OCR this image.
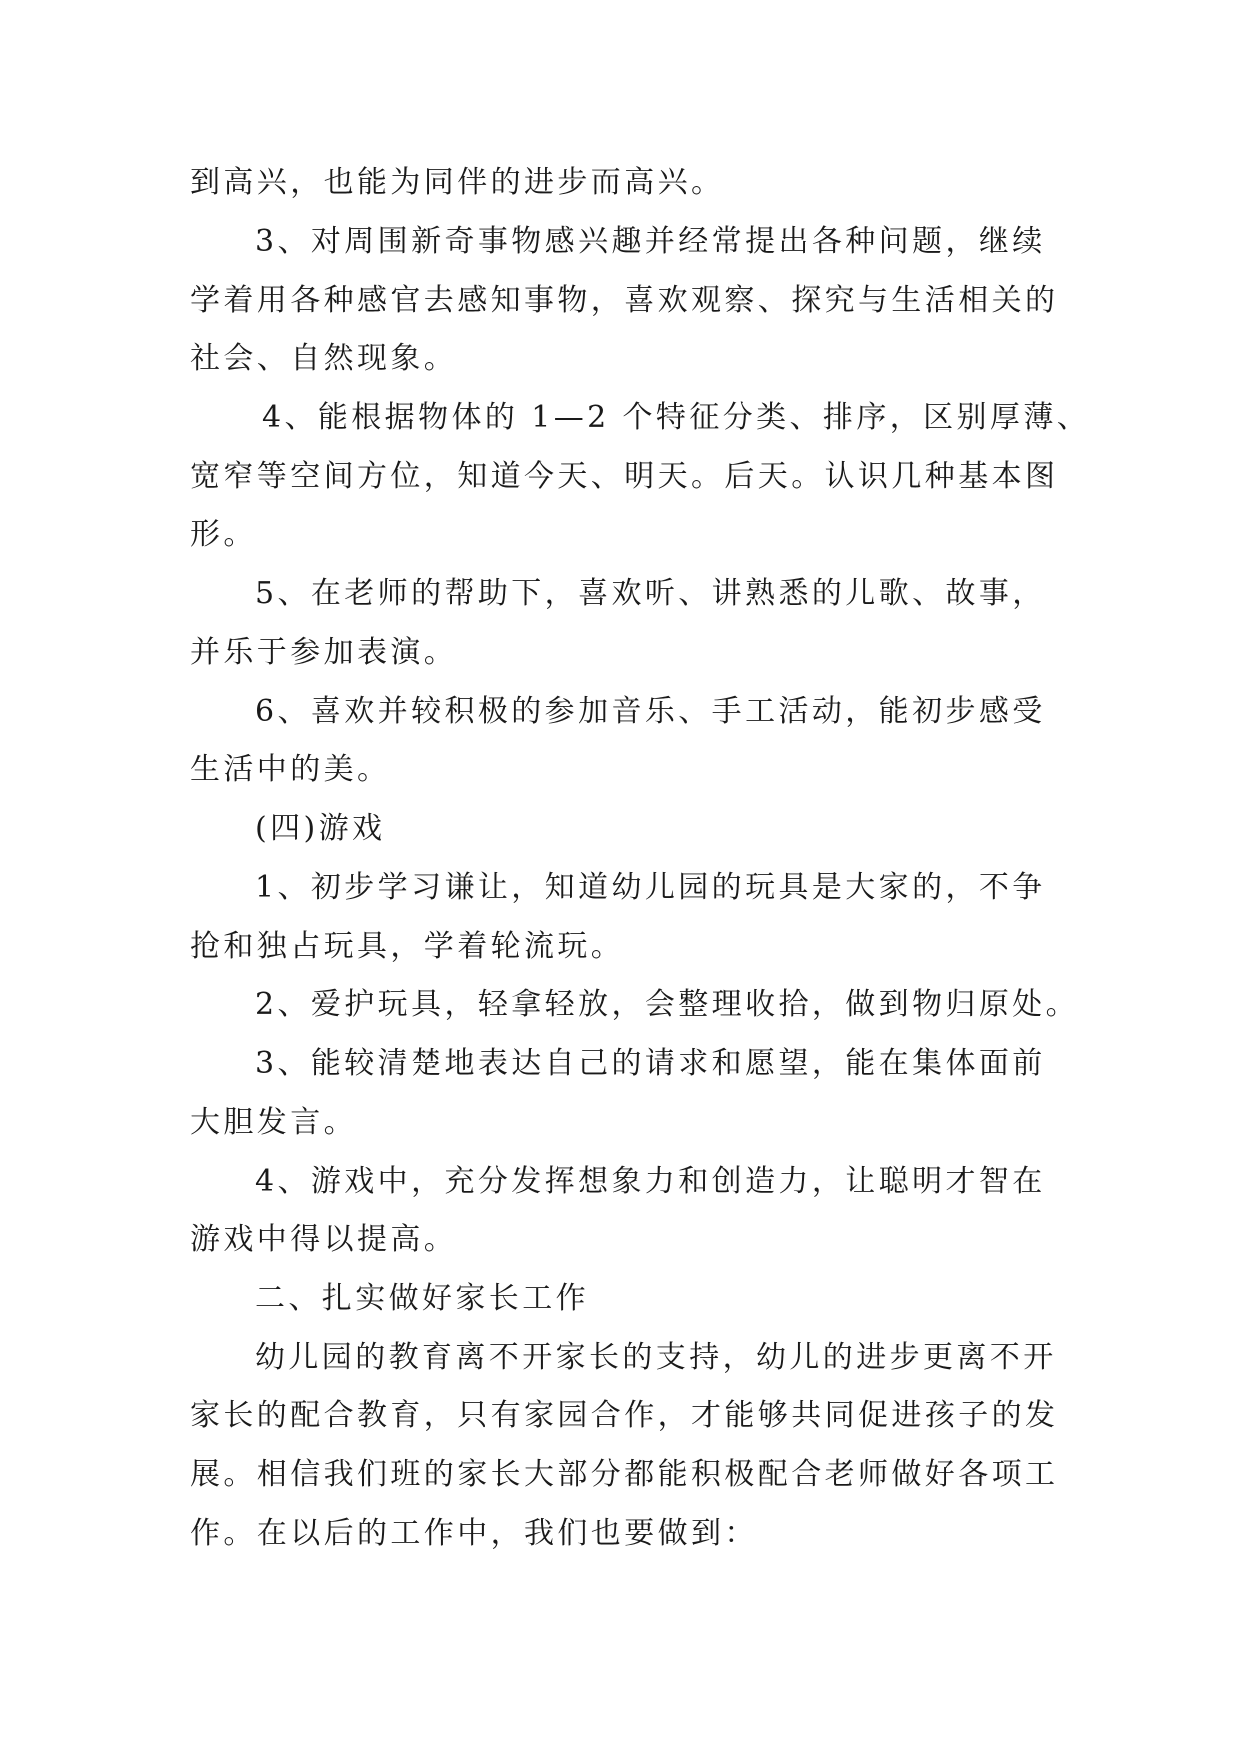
到高兴，也能为同伴的进步而高兴。
3、对周围新奇事物感兴趣并经常提出各种问题，继续
学着用各种感官去感知事物，喜欢观察、探究与生活相关的
社会、自然现象。
4、能根据物体的 1—2 个特征分类、排序，区别厚薄、
宽窄等空间方位，知道今天、明天。后天。认识几种基本图
形。
5、在老师的帮助下，喜欢听、讲熟悉的儿歌、故事，
并乐于参加表演。
6、喜欢并较积极的参加音乐、手工活动，能初步感受
生活中的美。
(四)游戏
1、初步学习谦让，知道幼儿园的玩具是大家的，不争
抢和独占玩具，学着轮流玩。
2、爱护玩具，轻拿轻放，会整理收拾，做到物归原处。
3、能较清楚地表达自己的请求和愿望，能在集体面前
大胆发言。
4、游戏中，充分发挥想象力和创造力，让聪明才智在
游戏中得以提高。
二、扎实做好家长工作
幼儿园的教育离不开家长的支持，幼儿的进步更离不开
家长的配合教育，只有家园合作，才能够共同促进孩子的发
展。相信我们班的家长大部分都能积极配合老师做好各项工
作。在以后的工作中，我们也要做到：
